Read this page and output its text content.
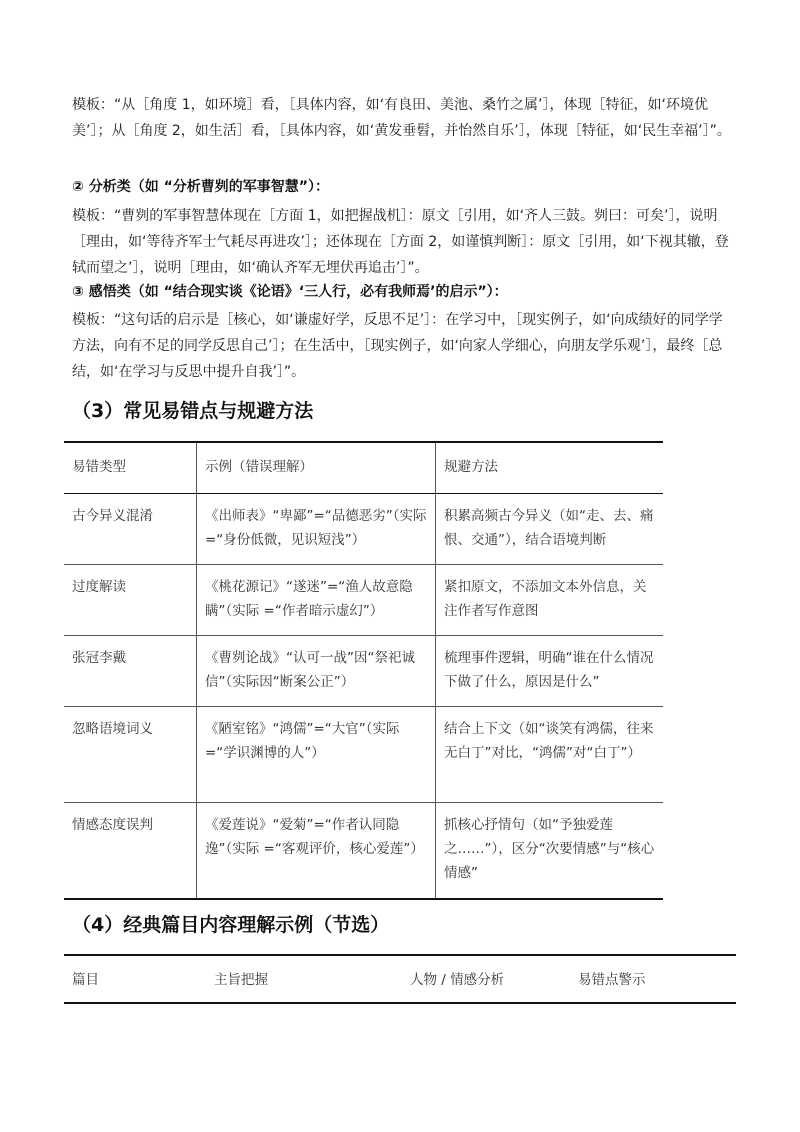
模板：“从［角度 1，如环境］看，［具体内容，如‘有良田、美池、桑竹之属’］，体现［特征，如‘环境优美’］；从［角度 2，如生活］看，［具体内容，如‘黄发垂髫，并怡然自乐’］，体现［特征，如‘民生幸福’］”。

② 分析类（如 “分析曹刿的军事智慧”）：

模板：“曹刿的军事智慧体现在［方面 1，如把握战机］：原文［引用，如‘齐人三鼓。刿曰：可矣’］，说明［理由，如‘等待齐军士气耗尽再进攻’］；还体现在［方面 2，如谨慎判断］：原文［引用，如‘下视其辙，登轼而望之’］，说明［理由，如‘确认齐军无埋伏再追击’］”。

③ 感悟类（如 “结合现实谈《论语》‘三人行，必有我师焉’的启示”）：

模板：“这句话的启示是［核心，如‘谦虚好学，反思不足’］：在学习中，［现实例子，如‘向成绩好的同学学方法，向有不足的同学反思自己’］；在生活中，［现实例子，如‘向家人学细心，向朋友学乐观’］，最终［总结，如‘在学习与反思中提升自我’］”。

（3）常见易错点与规避方法
易错类型	示例（错误理解）	规避方法
古今异义混淆	《出师表》“卑鄙”=“品德恶劣”（实际 =“身份低微，见识短浅”）	积累高频古今异义（如“走、去、痛恨、交通”），结合语境判断
过度解读	《桃花源记》“遂迷”=“渔人故意隐瞒”（实际 =“作者暗示虚幻”）	紧扣原文，不添加文本外信息，关注作者写作意图
张冠李戴	《曹刿论战》“认可一战”因“祭祀诚信”（实际因“断案公正”）	梳理事件逻辑，明确“谁在什么情况下做了什么，原因是什么”
忽略语境词义	《陋室铭》“鸿儒”=“大官”（实际=“学识渊博的人”）	结合上下文（如“谈笑有鸿儒，往来无白丁”对比，“鸿儒”对“白丁”）
情感态度误判	《爱莲说》“爱菊”=“作者认同隐逸”（实际 =“客观评价，核心爱莲”）	抓核心抒情句（如“予独爱莲之……”），区分“次要情感”与“核心情感”
（4）经典篇目内容理解示例（节选）
篇目	主旨把握	人物 / 情感分析	易错点警示
